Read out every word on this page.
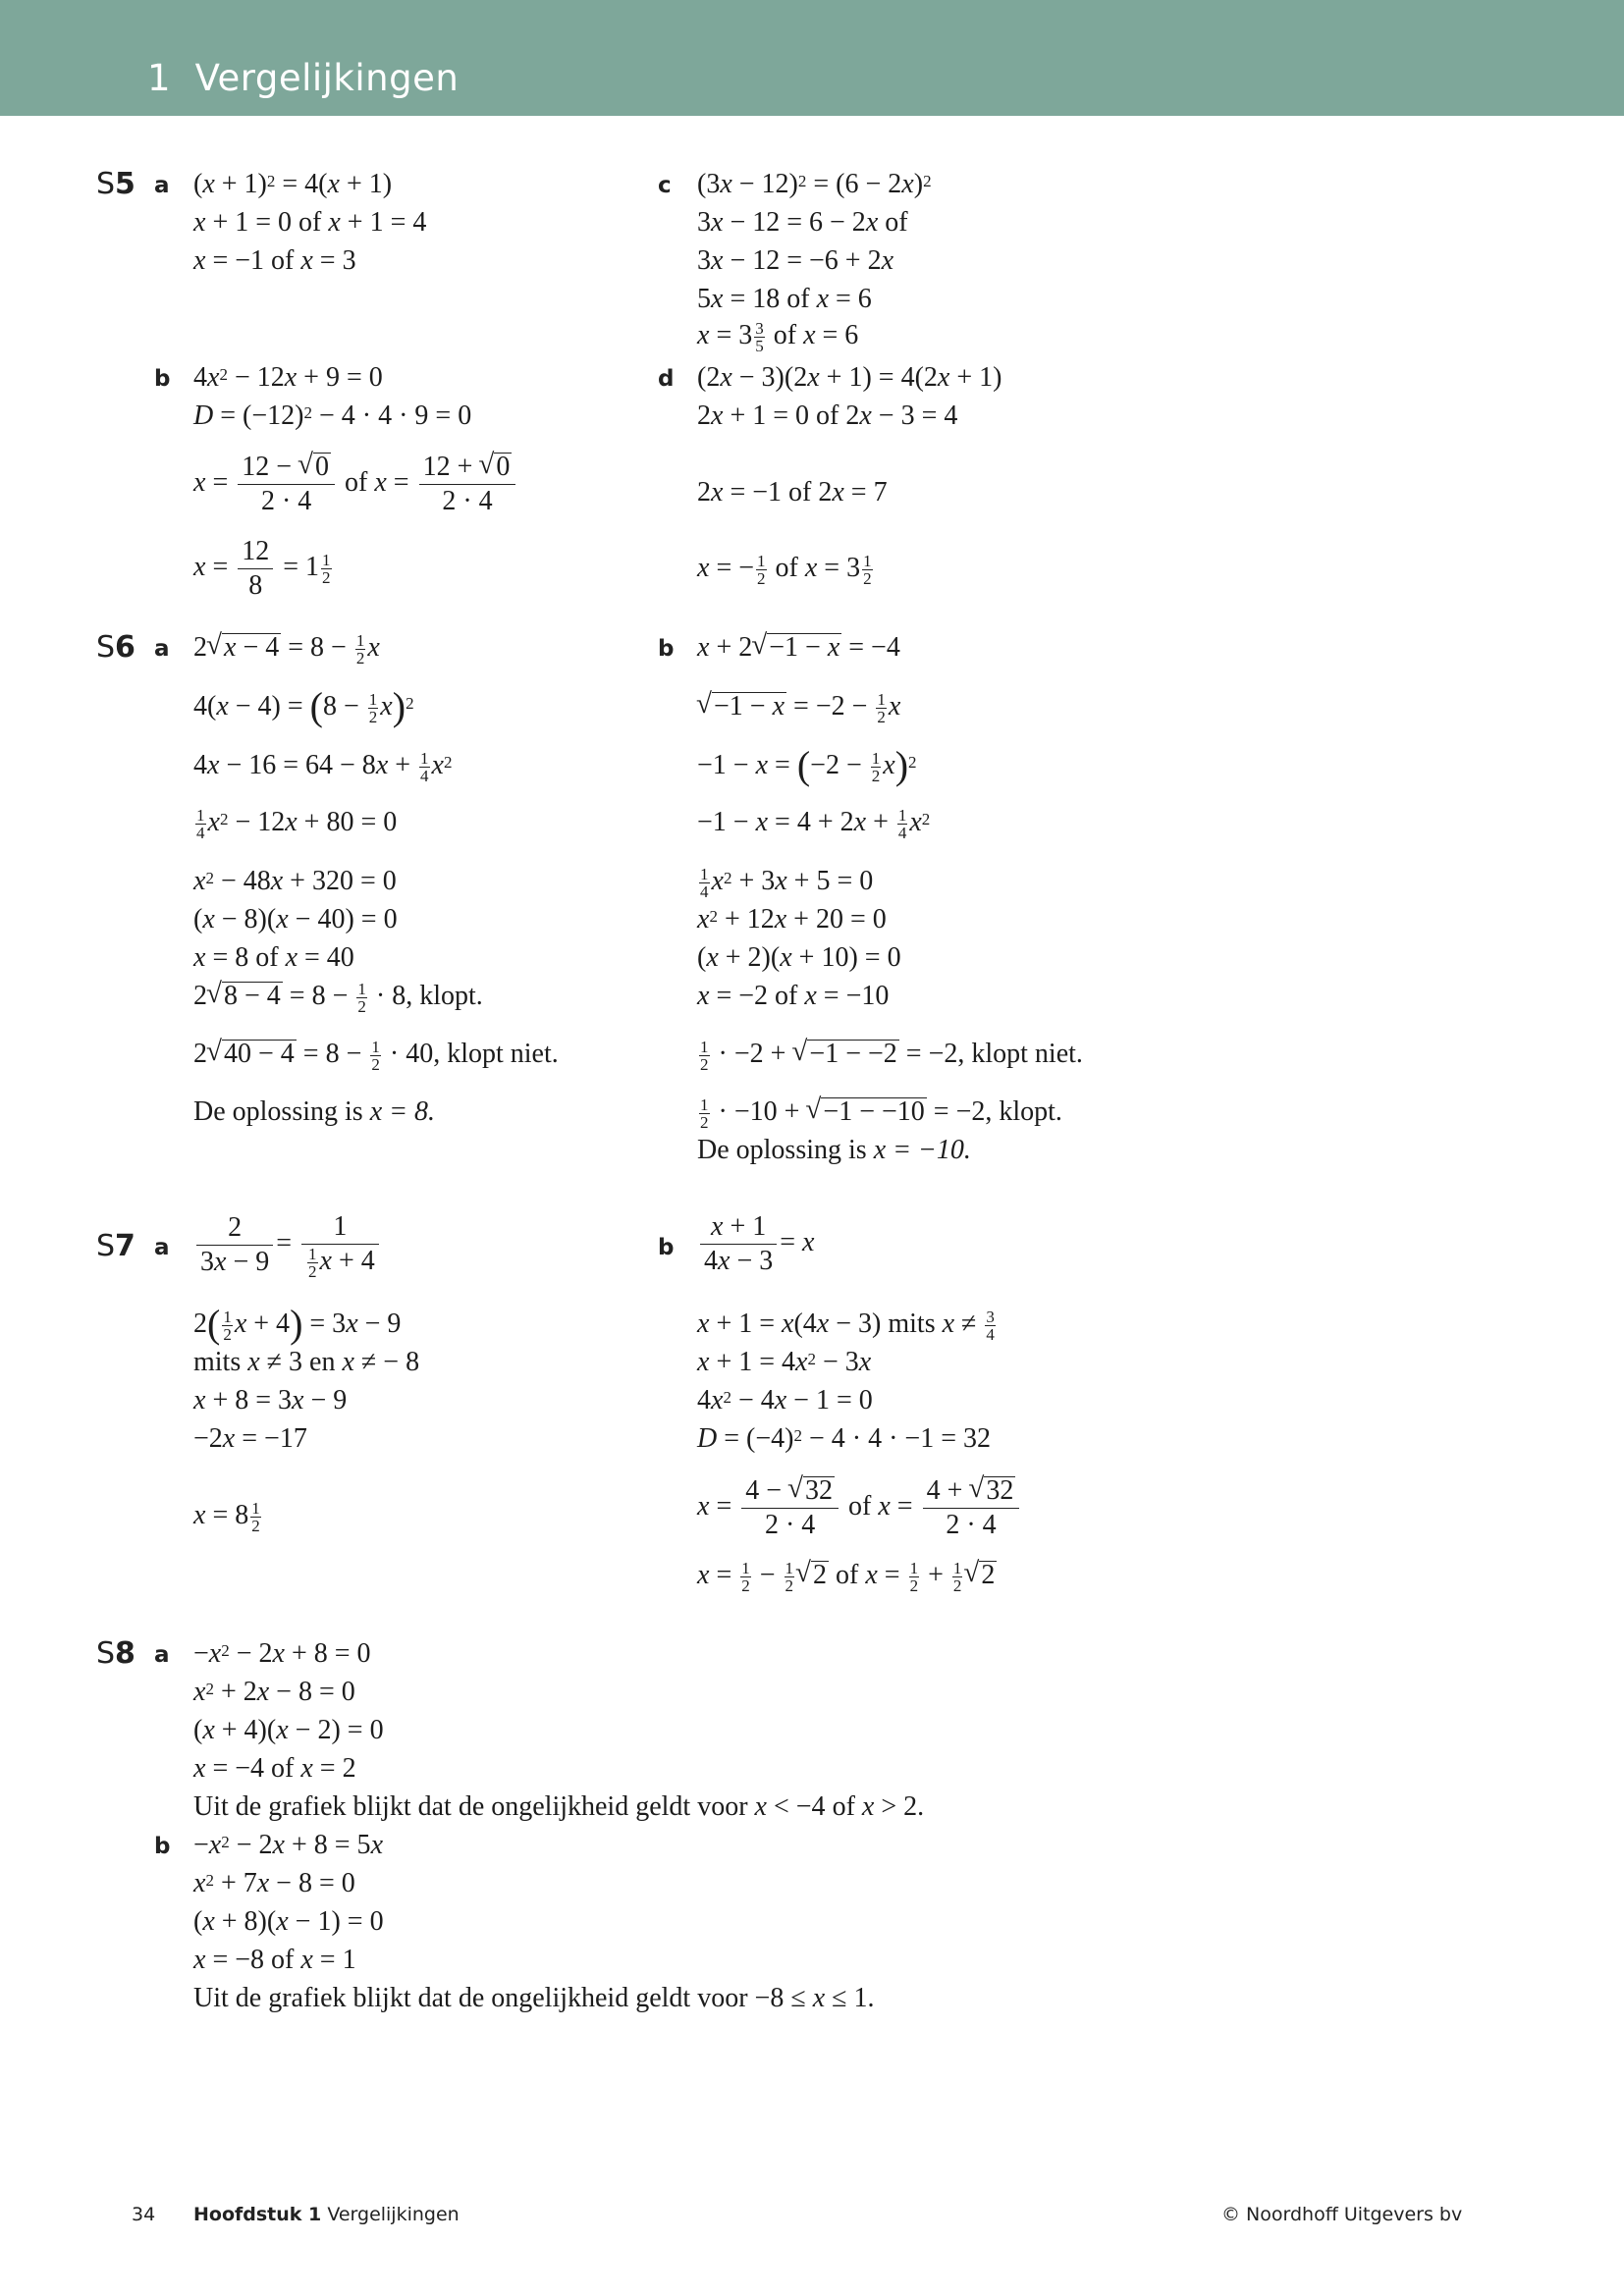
1 Vergelijkingen
S5 a $(x + 1)^2 = 4(x + 1)$
x + 1 = 0 of x + 1 = 4
x = −1 of x = 3
b $4x^2 - 12x + 9 = 0$
$D = (-12)^2 - 4 \cdot 4 \cdot 9 = 0$
$x = \frac{12 - √ 0}{2 \cdot 4}$ of $x = \frac{12 + √ 0}{2 \cdot 4}$
$x = \frac{12}{8} = 1 \frac{1}{2}$
c $(3x - 12)^2 = (6 - 2x)^2$
3x − 12 = 6 − 2x of
3x − 12 = −6 + 2x
5x = 18 of x = 6
$x = 3 \frac{3}{5}$ of x = 6
d (2x − 3)(2x + 1) = 4(2x + 1)
2x + 1 = 0 of 2x − 3 = 4
2x = −1 of 2x = 7
x = − $\frac{1}{2}$ of $x = 3 \frac{1}{2}$
S6 a 2 √ $x - 4 = 8 - \frac{1}{2}$ x
$4(x - 4) = (8 - \frac{1}{2} x)^2$
$4x - 16 = 64 - 8x + \frac{1}{4} x^2$
$\frac{1}{4} x^2 - 12x + 80 = 0$
$x^2 - 48x + 320 = 0$
(x − 8)(x − 40) = 0
x = 8 of x = 40
2 √ $8 - 4 = 8 - \frac{1}{2} \cdot 8$, klopt.
2 √ $40 - 4 = 8 - \frac{1}{2} \cdot 40$, klopt niet.
De oplossing is x = 8.
b x + 2 √ −1 − x = −4
√ $-1 - x = -2 - \frac{1}{2}$ x
$-1 - x = (-2 - \frac{1}{2} x)^2$
$-1 - x = 4 + 2x + \frac{1}{4} x^2$
$\frac{1}{4} x^2 + 3x + 5 = 0$
$x^2 + 12x + 20 = 0$
(x + 2)(x + 10) = 0
x = −2 of x = −10
$\frac{1}{2} \cdot -2$ + √ −1 − −2 = −2, klopt niet.
$\frac{1}{2} \cdot -10$ + √ −1 − −10 = −2, klopt.
De oplossing is x = −10.
S7 a $\frac{2}{3x - 9} = \frac{1}{\frac{1}{2} x + 4}$
$2( \frac{1}{2}$ x + 4) = 3x − 9
mits x ≠ 3 en x ≠ − 8
x + 8 = 3x − 9
−2x = −17
$x = 8 \frac{1}{2}$
b $\frac{x + 1}{4x - 3} = x$
x + 1 = x(4x − 3) mits $x \ne \frac{3}{4}$
$x + 1 = 4x^2 - 3x$
$4x^2 - 4x - 1 = 0$
$D = (-4)^2 - 4 \cdot 4 \cdot -1 = 32$
$x = \frac{4 - √ 32}{2 \cdot 4}$ of $x = \frac{4 + √ 32}{2 \cdot 4}$
$x = \frac{1}{2} - \frac{1}{2}$ √ 2 of $x = \frac{1}{2} + \frac{1}{2}$ √ 2
S8 $a -x^2 - 2x + 8 = 0$
$x^2 + 2x - 8 = 0$
(x + 4)(x − 2) = 0
x = −4 of x = 2
Uit de grafiek blijkt dat de ongelijkheid geldt voor x < −4 of x > 2.
$b -x^2 - 2x + 8 = 5x$
$x^2 + 7x - 8 = 0$
(x + 8)(x − 1) = 0
x = −8 of x = 1
Uit de grafiek blijkt dat de ongelijkheid geldt voor −8 ≤ x ≤ 1.
34 Hoofdstuk 1 Vergelijkingen	© Noordhoff Uitgevers bv
